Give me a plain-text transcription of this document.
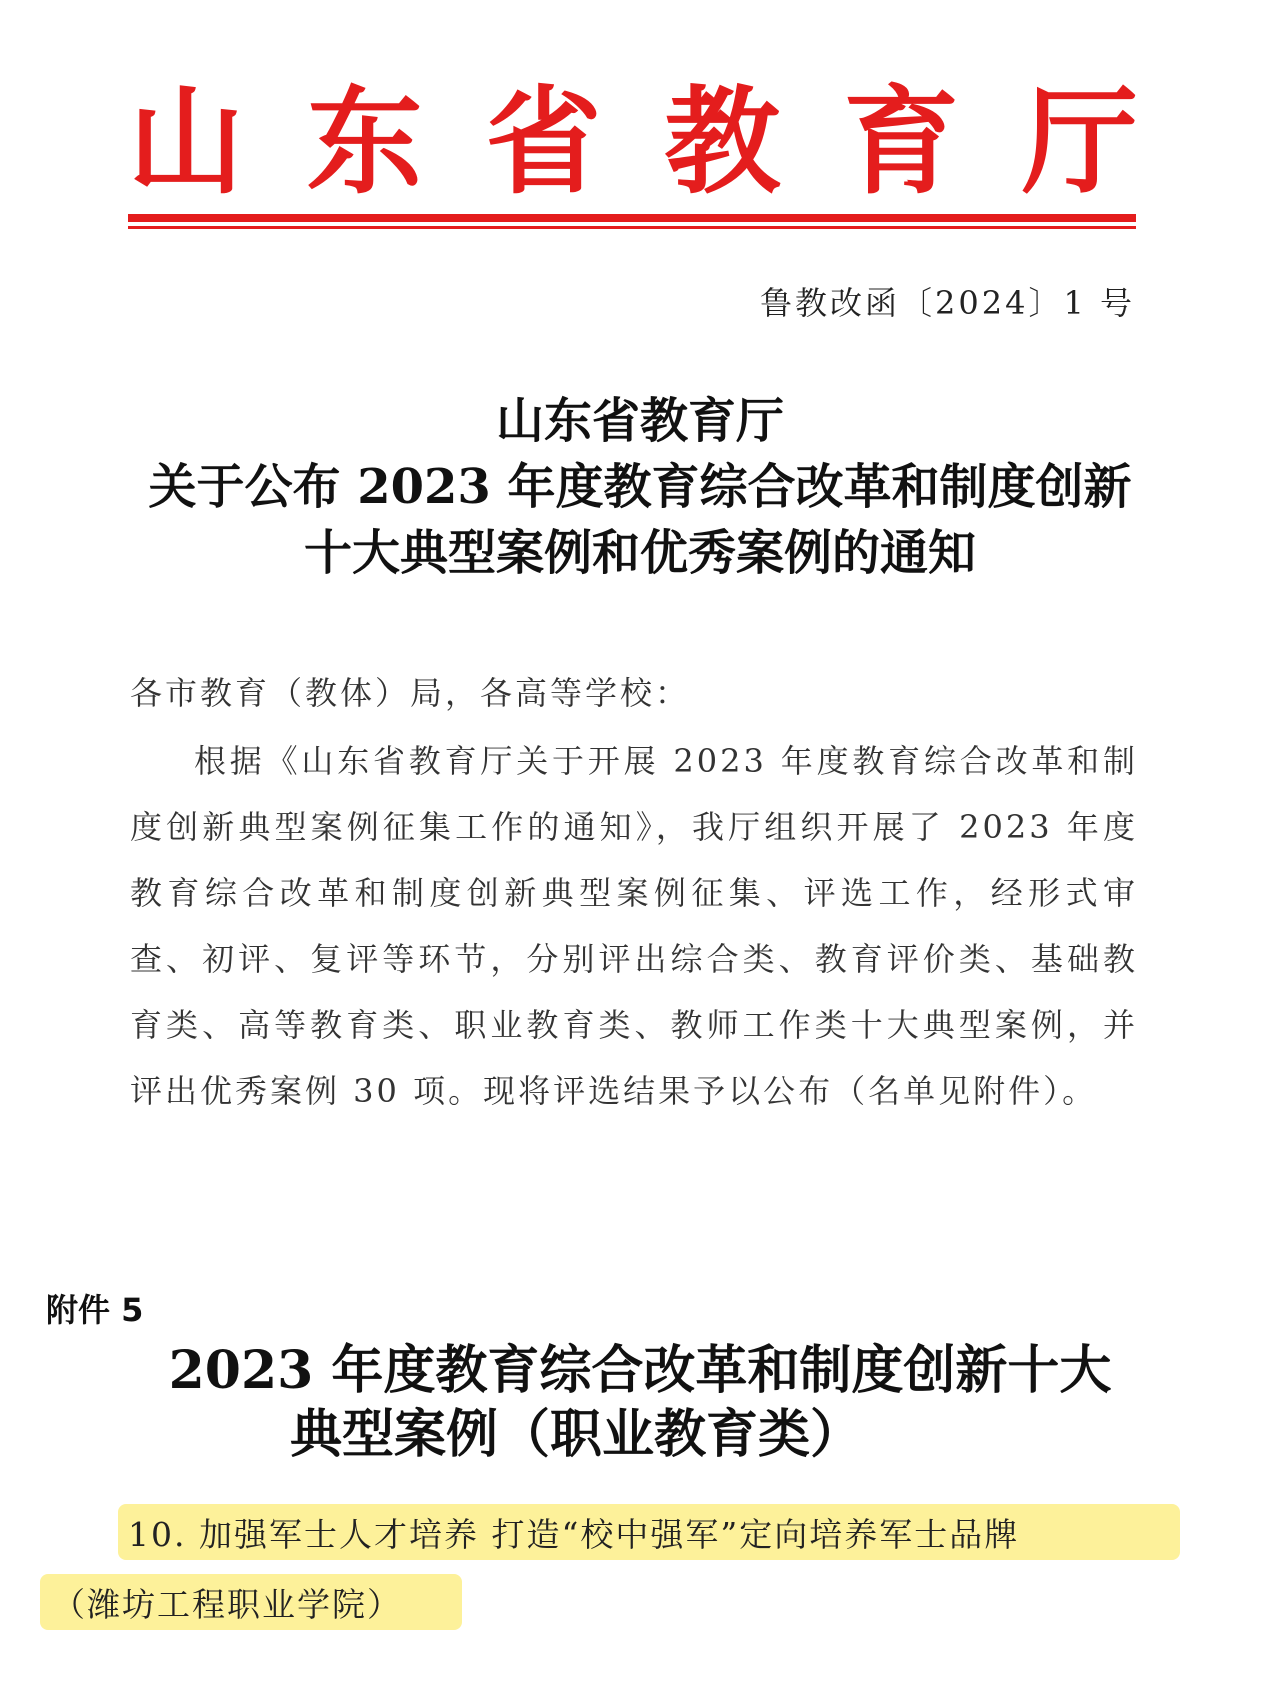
山 东 省 教 育 厅
鲁教改函〔2024〕1 号
山东省教育厅
关于公布 2023 年度教育综合改革和制度创新
十大典型案例和优秀案例的通知
各市教育（教体）局，各高等学校：
根据《山东省教育厅关于开展 2023 年度教育综合改革和制度创新典型案例征集工作的通知》，我厅组织开展了 2023 年度教育综合改革和制度创新典型案例征集、评选工作，经形式审查、初评、复评等环节，分别评出综合类、教育评价类、基础教育类、高等教育类、职业教育类、教师工作类十大典型案例，并评出优秀案例 30 项。现将评选结果予以公布（名单见附件）。
附件 5
2023 年度教育综合改革和制度创新十大
典型案例（职业教育类）
10. 加强军士人才培养 打造“校中强军”定向培养军士品牌
（潍坊工程职业学院）
